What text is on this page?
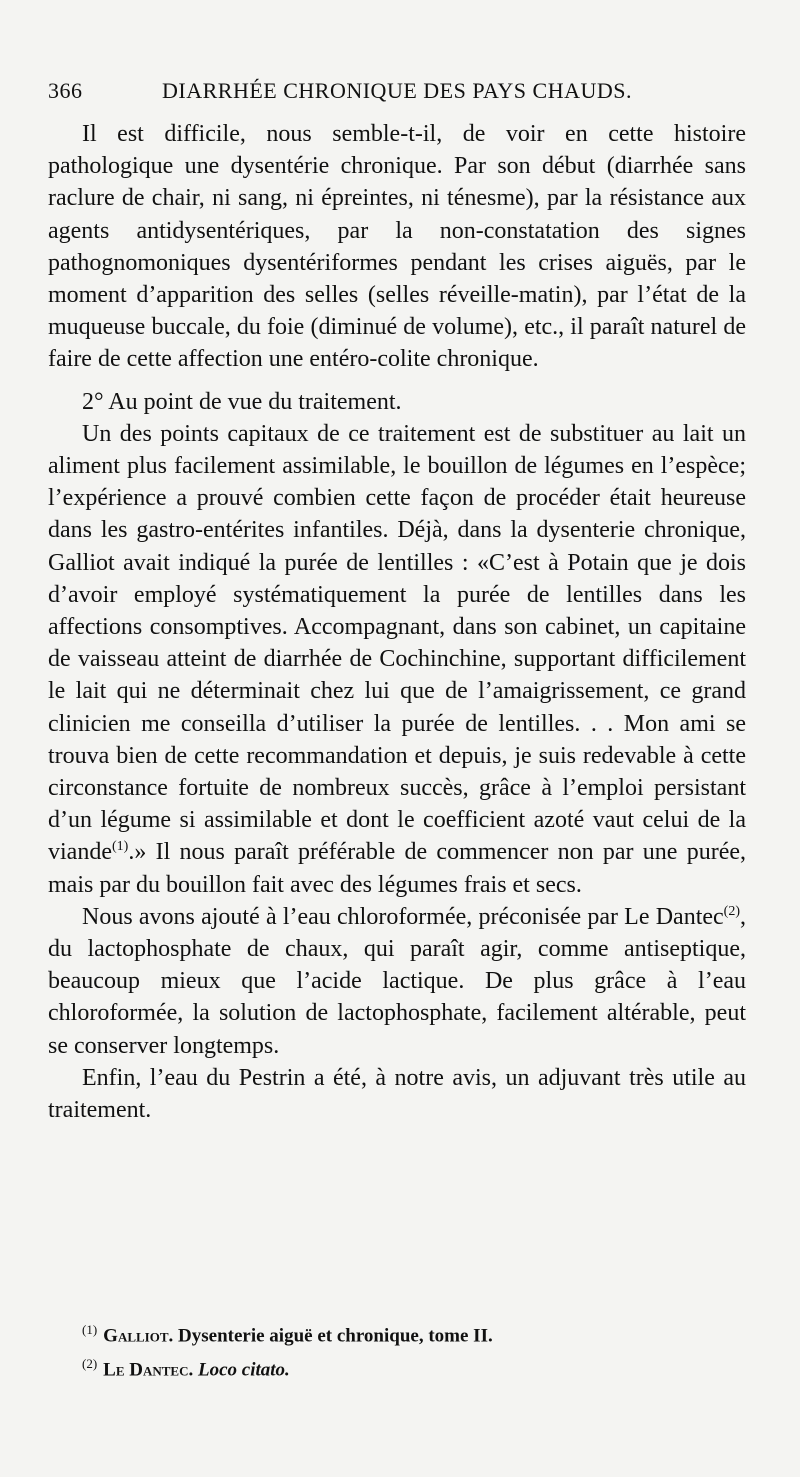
366	DIARRHÉE CHRONIQUE DES PAYS CHAUDS.

Il est difficile, nous semble-t-il, de voir en cette histoire pathologique une dysentérie chronique. Par son début (diarrhée sans raclure de chair, ni sang, ni épreintes, ni ténesme), par la résistance aux agents antidysentériques, par la non-constatation des signes pathognomoniques dysentériformes pendant les crises aiguës, par le moment d’apparition des selles (selles réveille-matin), par l’état de la muqueuse buccale, du foie (diminué de volume), etc., il paraît naturel de faire de cette affection une entéro-colite chronique.

2° Au point de vue du traitement.

Un des points capitaux de ce traitement est de substituer au lait un aliment plus facilement assimilable, le bouillon de légumes en l’espèce; l’expérience a prouvé combien cette façon de procéder était heureuse dans les gastro-entérites infantiles. Déjà, dans la dysenterie chronique, Galliot avait indiqué la purée de lentilles : «C’est à Potain que je dois d’avoir employé systématiquement la purée de lentilles dans les affections consomptives. Accompagnant, dans son cabinet, un capitaine de vaisseau atteint de diarrhée de Cochinchine, supportant difficilement le lait qui ne déterminait chez lui que de l’amaigrissement, ce grand clinicien me conseilla d’utiliser la purée de lentilles. . . Mon ami se trouva bien de cette recommandation et depuis, je suis redevable à cette circonstance fortuite de nombreux succès, grâce à l’emploi persistant d’un légume si assimilable et dont le coefficient azoté vaut celui de la viande$^{(1)}$.» Il nous paraît préférable de commencer non par une purée, mais par du bouillon fait avec des légumes frais et secs.

Nous avons ajouté à l’eau chloroformée, préconisée par Le Dantec$^{(2)}$, du lactophosphate de chaux, qui paraît agir, comme antiseptique, beaucoup mieux que l’acide lactique. De plus grâce à l’eau chloroformée, la solution de lactophosphate, facilement altérable, peut se conserver longtemps.

Enfin, l’eau du Pestrin a été, à notre avis, un adjuvant très utile au traitement.

$^{(1)}$ Galliot. Dysenterie aiguë et chronique, tome II.
$^{(2)}$ Le Dantec. Loco citato.
